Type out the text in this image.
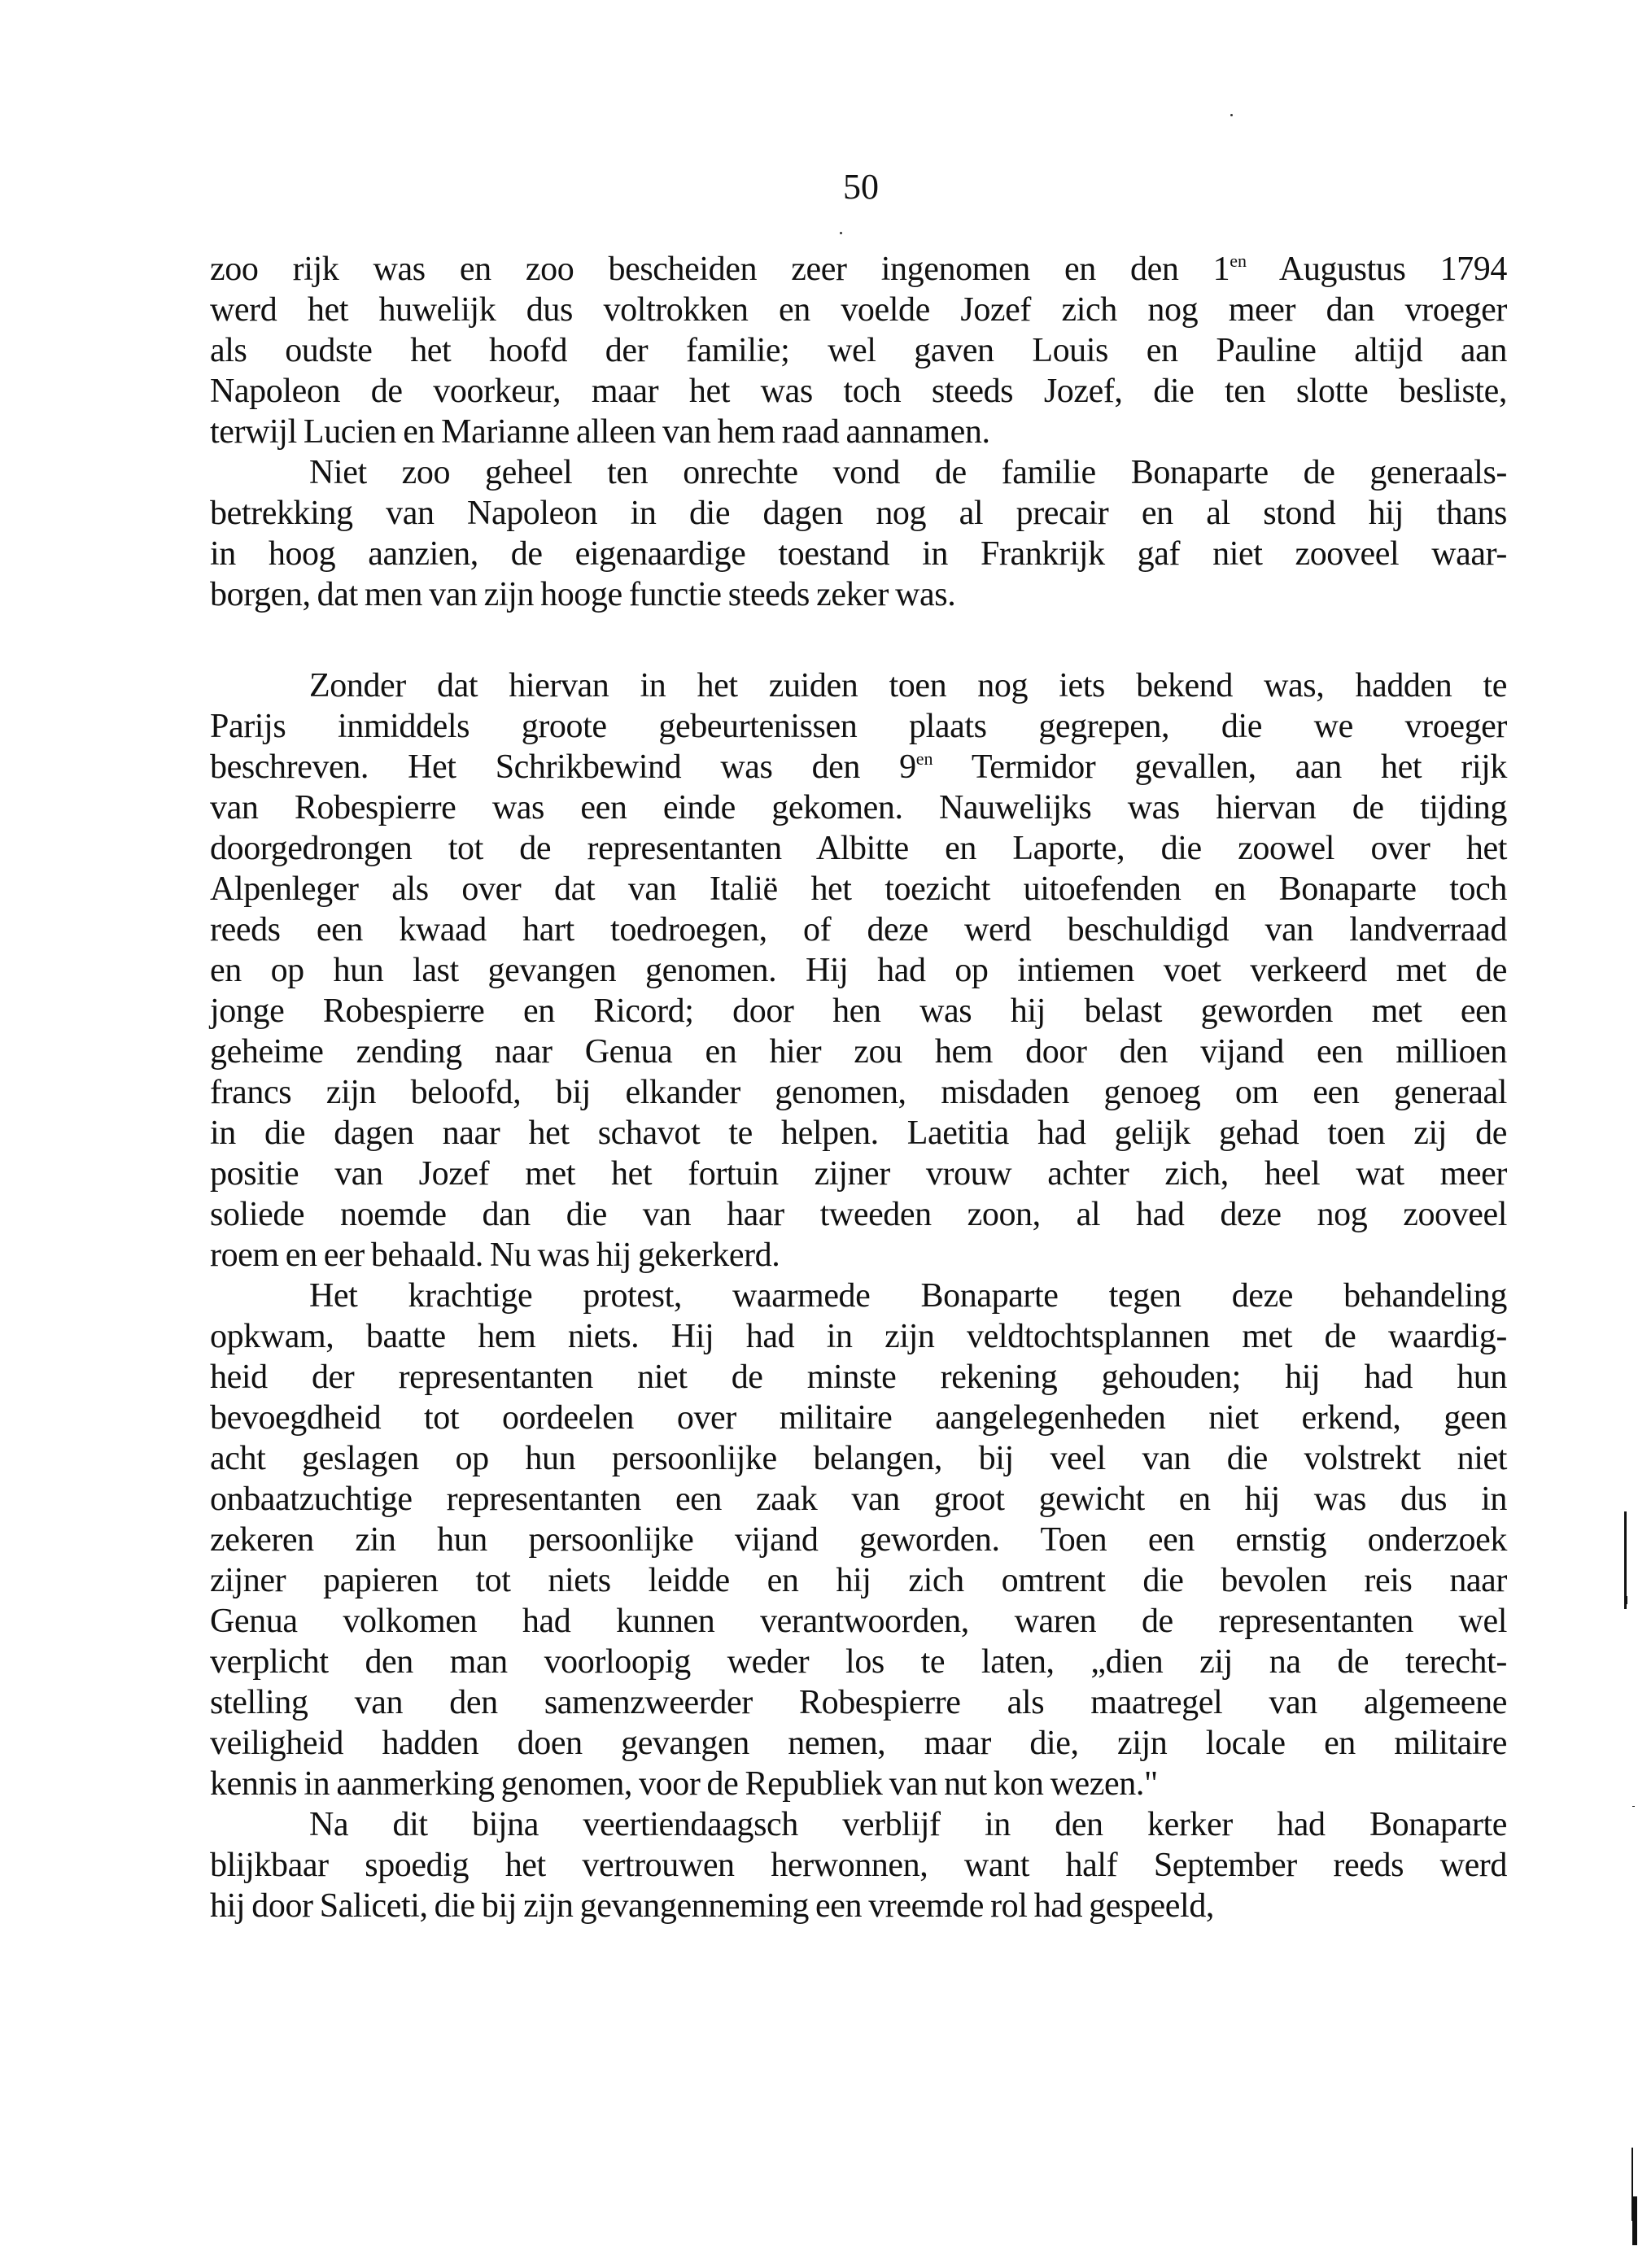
50
zoo rijk was en zoo bescheiden zeer ingenomen en den $1^{en}$ Augustus 1794
werd het huwelijk dus voltrokken en voelde Jozef zich nog meer dan vroeger
als oudste het hoofd der familie; wel gaven Louis en Pauline altijd aan
Napoleon de voorkeur, maar het was toch steeds Jozef, die ten slotte besliste,
terwijl Lucien en Marianne alleen van hem raad aannamen.
Niet zoo geheel ten onrechte vond de familie Bonaparte de generaals-
betrekking van Napoleon in die dagen nog al precair en al stond hij thans
in hoog aanzien, de eigenaardige toestand in Frankrijk gaf niet zooveel waar-
borgen, dat men van zijn hooge functie steeds zeker was.
Zonder dat hiervan in het zuiden toen nog iets bekend was, hadden te
Parijs inmiddels groote gebeurtenissen plaats gegrepen, die we vroeger
beschreven. Het Schrikbewind was den $9^{en}$ Termidor gevallen, aan het rijk
van Robespierre was een einde gekomen. Nauwelijks was hiervan de tijding
doorgedrongen tot de representanten Albitte en Laporte, die zoowel over het
Alpenleger als over dat van Italië het toezicht uitoefenden en Bonaparte toch
reeds een kwaad hart toedroegen, of deze werd beschuldigd van landverraad
en op hun last gevangen genomen. Hij had op intiemen voet verkeerd met de
jonge Robespierre en Ricord; door hen was hij belast geworden met een
geheime zending naar Genua en hier zou hem door den vijand een millioen
francs zijn beloofd, bij elkander genomen, misdaden genoeg om een generaal
in die dagen naar het schavot te helpen. Laetitia had gelijk gehad toen zij de
positie van Jozef met het fortuin zijner vrouw achter zich, heel wat meer
soliede noemde dan die van haar tweeden zoon, al had deze nog zooveel
roem en eer behaald. Nu was hij gekerkerd.
Het krachtige protest, waarmede Bonaparte tegen deze behandeling
opkwam, baatte hem niets. Hij had in zijn veldtochtsplannen met de waardig-
heid der representanten niet de minste rekening gehouden; hij had hun
bevoegdheid tot oordeelen over militaire aangelegenheden niet erkend, geen
acht geslagen op hun persoonlijke belangen, bij veel van die volstrekt niet
onbaatzuchtige representanten een zaak van groot gewicht en hij was dus in
zekeren zin hun persoonlijke vijand geworden. Toen een ernstig onderzoek
zijner papieren tot niets leidde en hij zich omtrent die bevolen reis naar
Genua volkomen had kunnen verantwoorden, waren de representanten wel
verplicht den man voorloopig weder los te laten, „dien zij na de terecht-
stelling van den samenzweerder Robespierre als maatregel van algemeene
veiligheid hadden doen gevangen nemen, maar die, zijn locale en militaire
kennis in aanmerking genomen, voor de Republiek van nut kon wezen."
Na dit bijna veertiendaagsch verblijf in den kerker had Bonaparte
blijkbaar spoedig het vertrouwen herwonnen, want half September reeds werd
hij door Saliceti, die bij zijn gevangenneming een vreemde rol had gespeeld,
